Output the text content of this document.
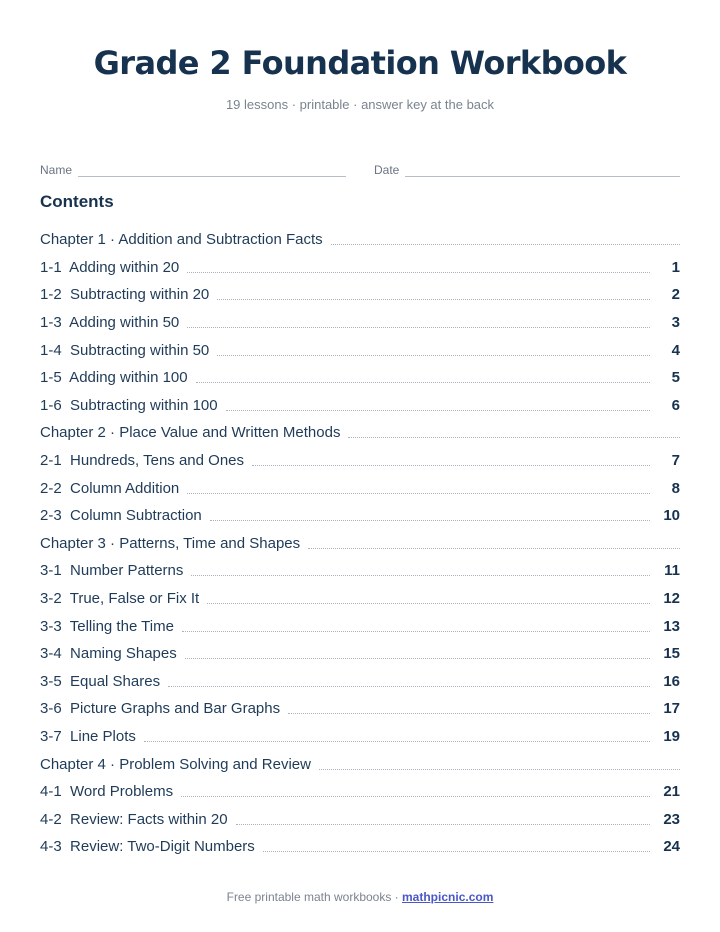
Grade 2 Foundation Workbook
19 lessons · printable · answer key at the back
Name	Date
Contents
Chapter 1 · Addition and Subtraction Facts
1-1  Adding within 20	1
1-2  Subtracting within 20	2
1-3  Adding within 50	3
1-4  Subtracting within 50	4
1-5  Adding within 100	5
1-6  Subtracting within 100	6
Chapter 2 · Place Value and Written Methods
2-1  Hundreds, Tens and Ones	7
2-2  Column Addition	8
2-3  Column Subtraction	10
Chapter 3 · Patterns, Time and Shapes
3-1  Number Patterns	11
3-2  True, False or Fix It	12
3-3  Telling the Time	13
3-4  Naming Shapes	15
3-5  Equal Shares	16
3-6  Picture Graphs and Bar Graphs	17
3-7  Line Plots	19
Chapter 4 · Problem Solving and Review
4-1  Word Problems	21
4-2  Review: Facts within 20	23
4-3  Review: Two-Digit Numbers	24
Free printable math workbooks · mathpicnic.com
